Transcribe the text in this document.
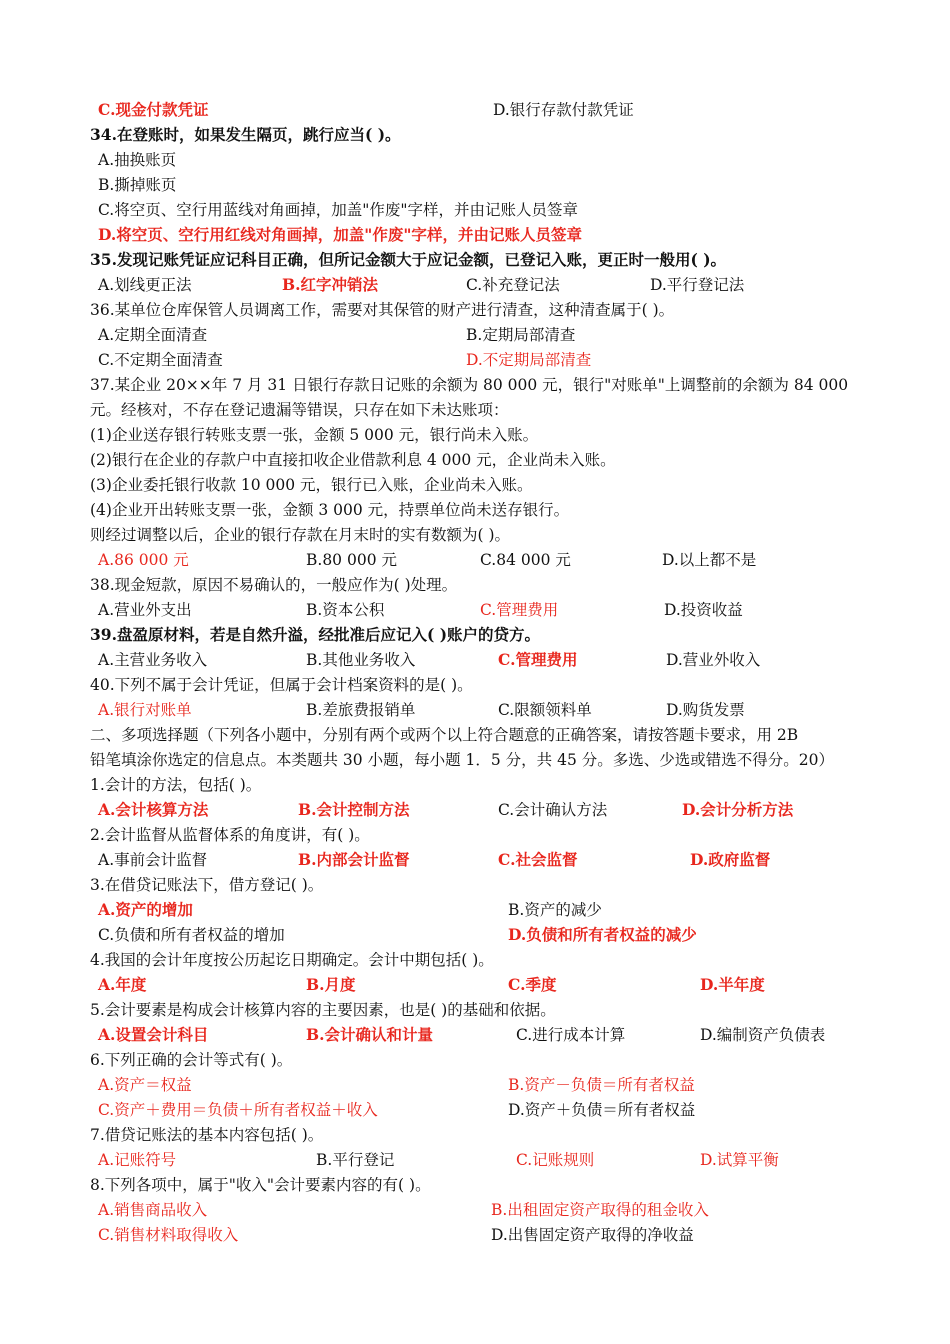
C.现金付款凭证	D.银行存款付款凭证
34.在登账时，如果发生隔页，跳行应当( )。
A.抽换账页
B.撕掉账页
C.将空页、空行用蓝线对角画掉，加盖"作废"字样，并由记账人员签章
D.将空页、空行用红线对角画掉，加盖"作废"字样，并由记账人员签章
35.发现记账凭证应记科目正确，但所记金额大于应记金额，已登记入账，更正时一般用( )。
A.划线更正法	B.红字冲销法	C.补充登记法	D.平行登记法
36.某单位仓库保管人员调离工作，需要对其保管的财产进行清查，这种清查属于( )。
A.定期全面清查	B.定期局部清查
C.不定期全面清查	D.不定期局部清查
37.某企业 20××年 7 月 31 日银行存款日记账的余额为 80 000 元，银行"对账单"上调整前的余额为 84 000
元。经核对，不存在登记遗漏等错误，只存在如下未达账项：
(1)企业送存银行转账支票一张，金额 5 000 元，银行尚未入账。
(2)银行在企业的存款户中直接扣收企业借款利息 4 000 元，企业尚未入账。
(3)企业委托银行收款 10 000 元，银行已入账，企业尚未入账。
(4)企业开出转账支票一张，金额 3 000 元，持票单位尚未送存银行。
则经过调整以后，企业的银行存款在月末时的实有数额为( )。
A.86 000 元	B.80 000 元	C.84 000 元	D.以上都不是
38.现金短款，原因不易确认的，一般应作为( )处理。
A.营业外支出	B.资本公积	C.管理费用	D.投资收益
39.盘盈原材料，若是自然升溢，经批准后应记入( )账户的贷方。
A.主营业务收入	B.其他业务收入	C.管理费用	D.营业外收入
40.下列不属于会计凭证，但属于会计档案资料的是( )。
A.银行对账单	B.差旅费报销单	C.限额领料单	D.购货发票
二、多项选择题（下列各小题中，分别有两个或两个以上符合题意的正确答案，请按答题卡要求，用 2B
铅笔填涂你选定的信息点。本类题共 30 小题，每小题 1．5 分，共 45 分。多选、少选或错选不得分。20）
1.会计的方法，包括( )。
A.会计核算方法	B.会计控制方法	C.会计确认方法	D.会计分析方法
2.会计监督从监督体系的角度讲，有( )。
A.事前会计监督	B.内部会计监督	C.社会监督	D.政府监督
3.在借贷记账法下，借方登记( )。
A.资产的增加	B.资产的减少
C.负债和所有者权益的增加	D.负债和所有者权益的减少
4.我国的会计年度按公历起讫日期确定。会计中期包括( )。
A.年度	B.月度	C.季度	D.半年度
5.会计要素是构成会计核算内容的主要因素，也是( )的基础和依据。
A.设置会计科目	B.会计确认和计量	C.进行成本计算	D.编制资产负债表
6.下列正确的会计等式有( )。
A.资产＝权益	B.资产－负债＝所有者权益
C.资产＋费用＝负债＋所有者权益＋收入	D.资产＋负债＝所有者权益
7.借贷记账法的基本内容包括( )。
A.记账符号	B.平行登记	C.记账规则	D.试算平衡
8.下列各项中，属于"收入"会计要素内容的有( )。
A.销售商品收入	B.出租固定资产取得的租金收入
C.销售材料取得收入	D.出售固定资产取得的净收益
